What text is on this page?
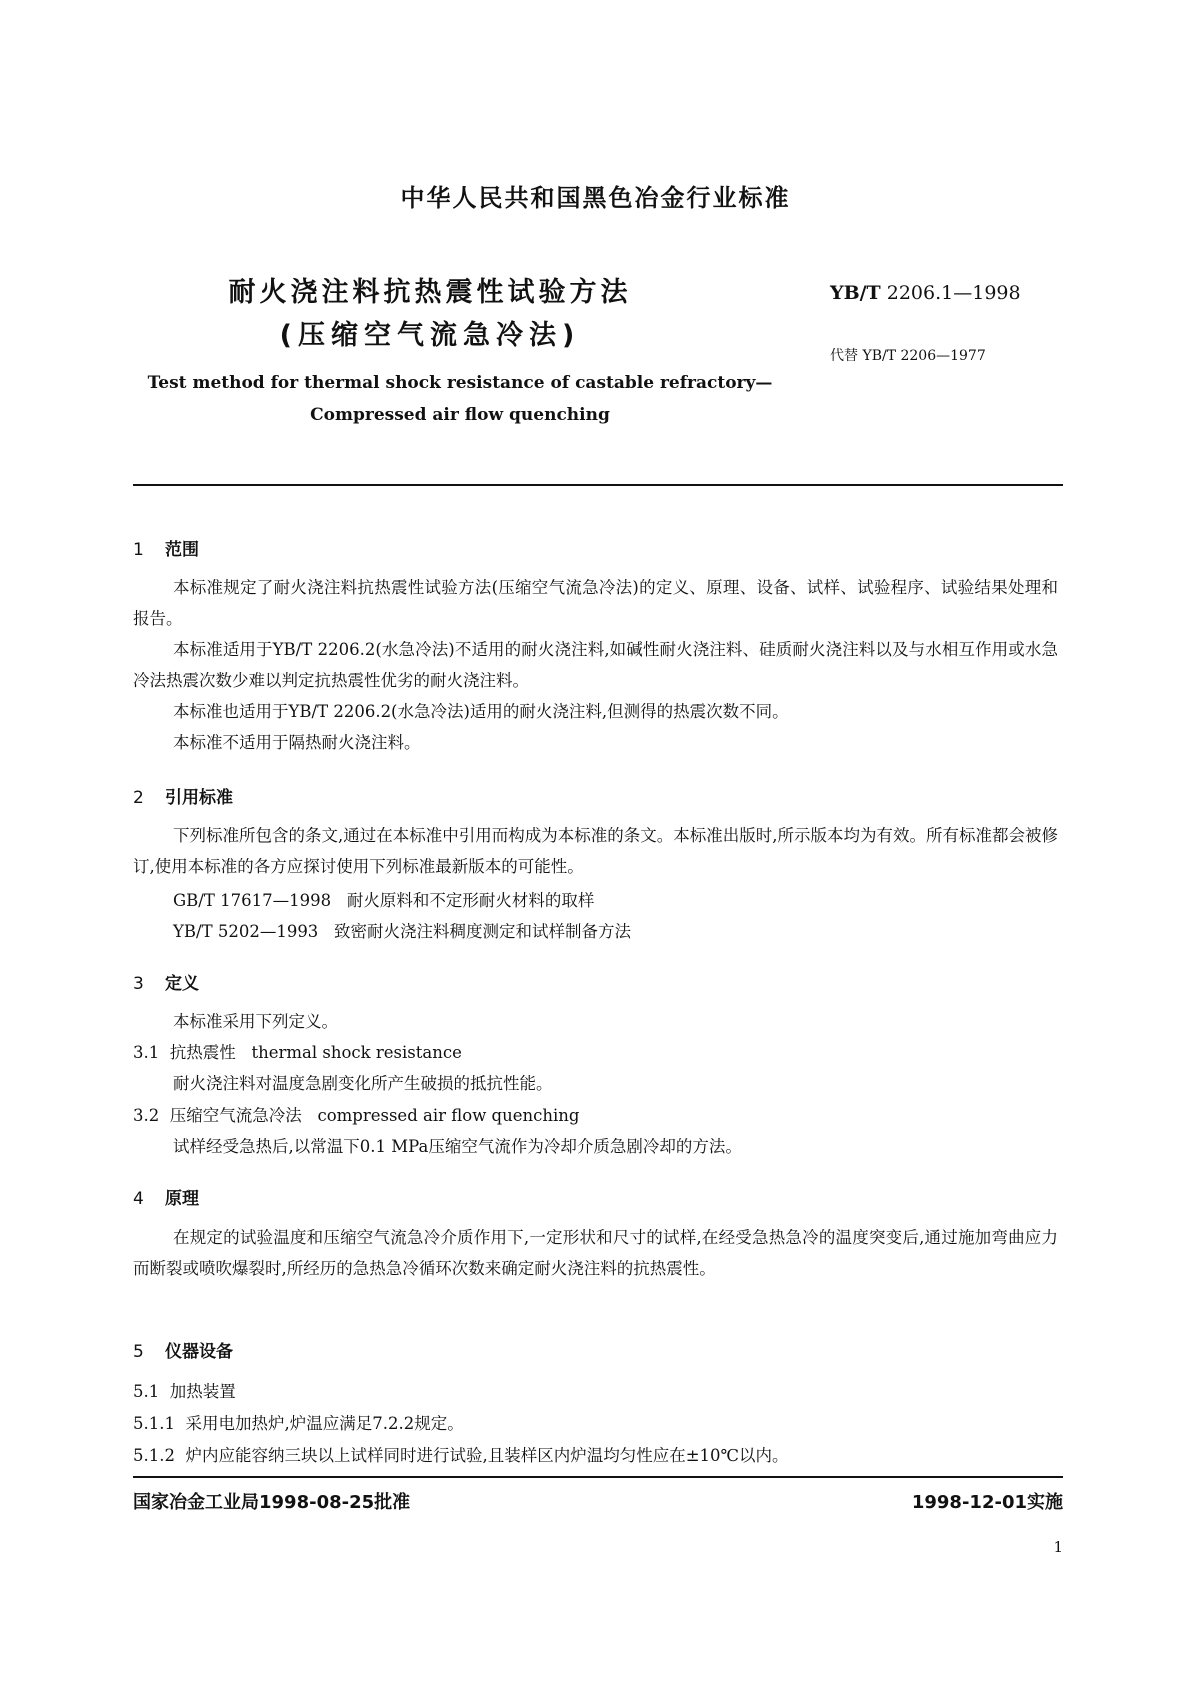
中华人民共和国黑色冶金行业标准
耐火浇注料抗热震性试验方法
(压缩空气流急冷法)
YB/T 2206.1—1998
代替 YB/T 2206—1977
Test method for thermal shock resistance of castable refractory—
Compressed air flow quenching
1 范围
本标准规定了耐火浇注料抗热震性试验方法(压缩空气流急冷法)的定义、原理、设备、试样、试验程序、试验结果处理和报告。
本标准适用于YB/T 2206.2(水急冷法)不适用的耐火浇注料,如碱性耐火浇注料、硅质耐火浇注料以及与水相互作用或水急冷法热震次数少难以判定抗热震性优劣的耐火浇注料。
本标准也适用于YB/T 2206.2(水急冷法)适用的耐火浇注料,但测得的热震次数不同。
本标准不适用于隔热耐火浇注料。
2 引用标准
下列标准所包含的条文,通过在本标准中引用而构成为本标准的条文。本标准出版时,所示版本均为有效。所有标准都会被修订,使用本标准的各方应探讨使用下列标准最新版本的可能性。
GB/T 17617—1998   耐火原料和不定形耐火材料的取样
YB/T 5202—1993   致密耐火浇注料稠度测定和试样制备方法
3 定义
本标准采用下列定义。
3.1  抗热震性   thermal shock resistance
耐火浇注料对温度急剧变化所产生破损的抵抗性能。
3.2  压缩空气流急冷法   compressed air flow quenching
试样经受急热后,以常温下0.1 MPa压缩空气流作为冷却介质急剧冷却的方法。
4 原理
在规定的试验温度和压缩空气流急冷介质作用下,一定形状和尺寸的试样,在经受急热急冷的温度突变后,通过施加弯曲应力而断裂或喷吹爆裂时,所经历的急热急冷循环次数来确定耐火浇注料的抗热震性。
5 仪器设备
5.1  加热装置
5.1.1  采用电加热炉,炉温应满足7.2.2规定。
5.1.2  炉内应能容纳三块以上试样同时进行试验,且装样区内炉温均匀性应在±10℃以内。
国家冶金工业局1998-08-25批准	1998-12-01实施
1
